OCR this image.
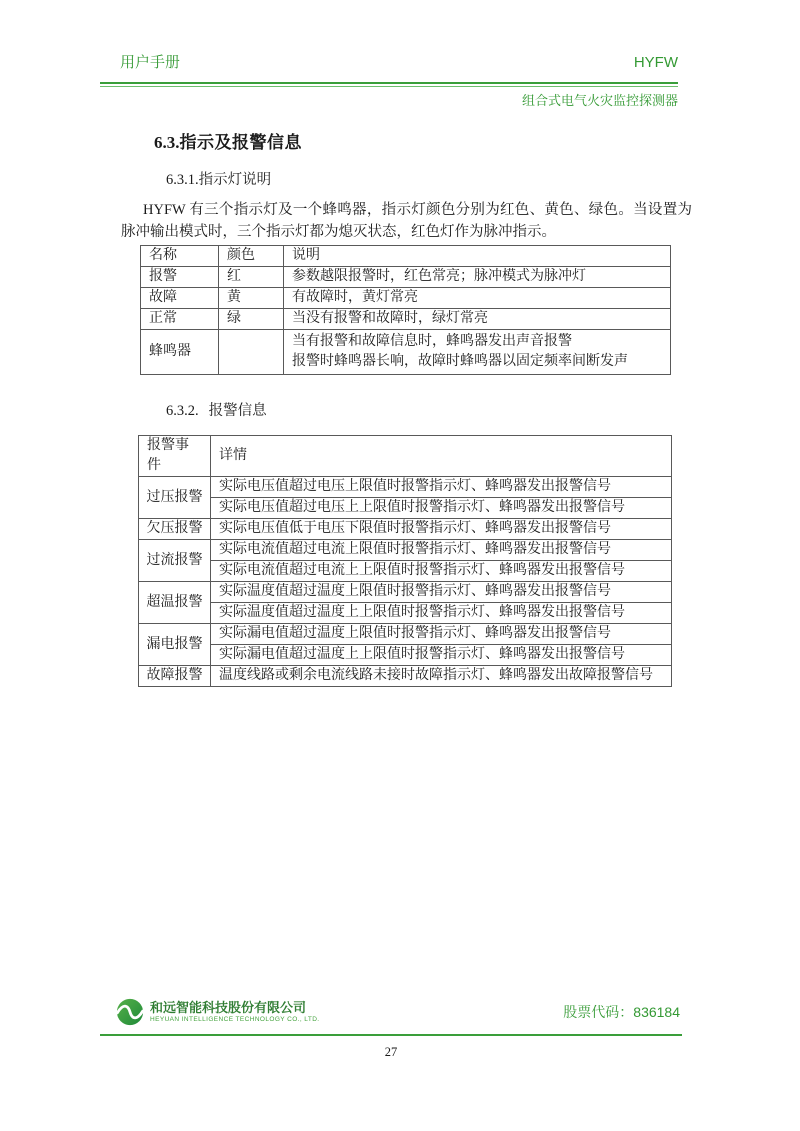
用户手册	HYFW
组合式电气火灾监控探测器
6.3.指示及报警信息
6.3.1.指示灯说明

HYFW 有三个指示灯及一个蜂鸣器，指示灯颜色分别为红色、黄色、绿色。当设置为脉冲输出模式时，三个指示灯都为熄灭状态，红色灯作为脉冲指示。

名称	颜色	说明
报警	红	参数越限报警时，红色常亮；脉冲模式为脉冲灯
故障	黄	有故障时，黄灯常亮
正常	绿	当没有报警和故障时，绿灯常亮
蜂鸣器		当有报警和故障信息时，蜂鸣器发出声音报警
报警时蜂鸣器长响，故障时蜂鸣器以固定频率间断发声
6.3.2. 报警信息
报警事件	详情
过压报警	实际电压值超过电压上限值时报警指示灯、蜂鸣器发出报警信号
	实际电压值超过电压上上限值时报警指示灯、蜂鸣器发出报警信号
欠压报警	实际电压值低于电压下限值时报警指示灯、蜂鸣器发出报警信号
过流报警	实际电流值超过电流上限值时报警指示灯、蜂鸣器发出报警信号
	实际电流值超过电流上上限值时报警指示灯、蜂鸣器发出报警信号
超温报警	实际温度值超过温度上限值时报警指示灯、蜂鸣器发出报警信号
	实际温度值超过温度上上限值时报警指示灯、蜂鸣器发出报警信号
漏电报警	实际漏电值超过温度上限值时报警指示灯、蜂鸣器发出报警信号
	实际漏电值超过温度上上限值时报警指示灯、蜂鸣器发出报警信号
故障报警	温度线路或剩余电流线路未接时故障指示灯、蜂鸣器发出故障报警信号
和远智能科技股份有限公司
HEYUAN INTELLIGENCE TECHNOLOGY CO., LTD.	股票代码：836184
27
